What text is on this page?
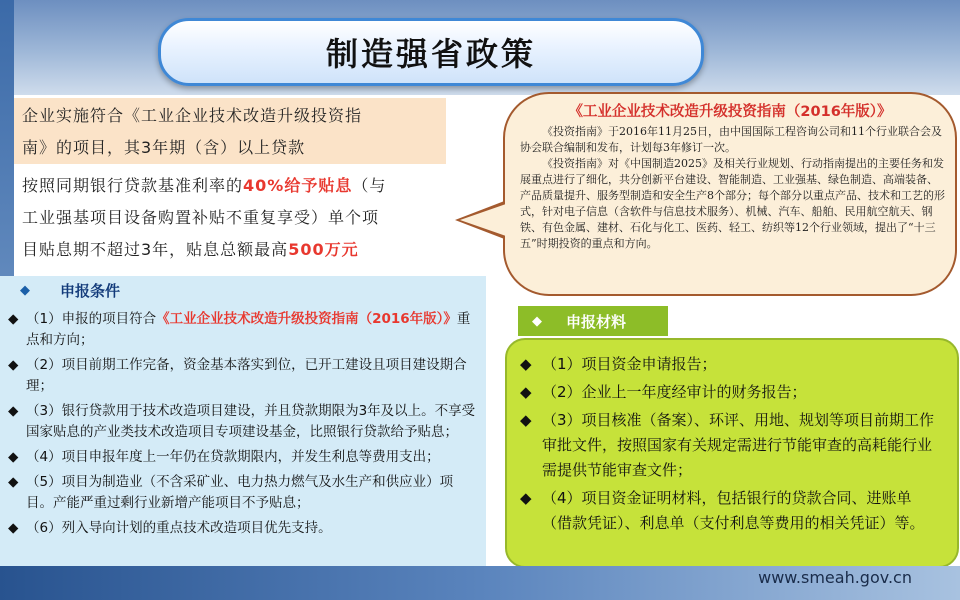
制造强省政策
企业实施符合《工业企业技术改造升级投资指
南》的项目，其3年期（含）以上贷款
按照同期银行贷款基准利率的40%给予贴息（与
工业强基项目设备购置补贴不重复享受）单个项
目贴息期不超过3年，贴息总额最高500万元
《工业企业技术改造升级投资指南（2016年版）》

《投资指南》于2016年11月25日，由中国国际工程咨询公司和11个行业联合会及协会联合编制和发布，计划每3年修订一次。

《投资指南》对《中国制造2025》及相关行业规划、行动指南提出的主要任务和发展重点进行了细化，共分创新平台建设、智能制造、工业强基、绿色制造、高端装备、产品质量提升、服务型制造和安全生产8个部分；每个部分以重点产品、技术和工艺的形式，针对电子信息（含软件与信息技术服务）、机械、汽车、船舶、民用航空航天、钢铁、有色金属、建材、石化与化工、医药、轻工、纺织等12个行业领域，提出了“十三五”时期投资的重点和方向。

◆	申报条件
◆ （1）申报的项目符合《工业企业技术改造升级投资指南（2016年版）》重点和方向；
◆ （2）项目前期工作完备，资金基本落实到位，已开工建设且项目建设期合理；
◆ （3）银行贷款用于技术改造项目建设，并且贷款期限为3年及以上。不享受国家贴息的产业类技术改造项目专项建设基金，比照银行贷款给予贴息；
◆ （4）项目申报年度上一年仍在贷款期限内，并发生利息等费用支出；
◆ （5）项目为制造业（不含采矿业、电力热力燃气及水生产和供应业）项目。产能严重过剩行业新增产能项目不予贴息；
◆ （6）列入导向计划的重点技术改造项目优先支持。
◆ 申报材料
◆ （1）项目资金申请报告；
◆ （2）企业上一年度经审计的财务报告；
◆ （3）项目核准（备案）、环评、用地、规划等项目前期工作审批文件，按照国家有关规定需进行节能审查的高耗能行业需提供节能审查文件；
◆ （4）项目资金证明材料，包括银行的贷款合同、进账单（借款凭证）、利息单（支付利息等费用的相关凭证）等。
www.smeah.gov.cn
